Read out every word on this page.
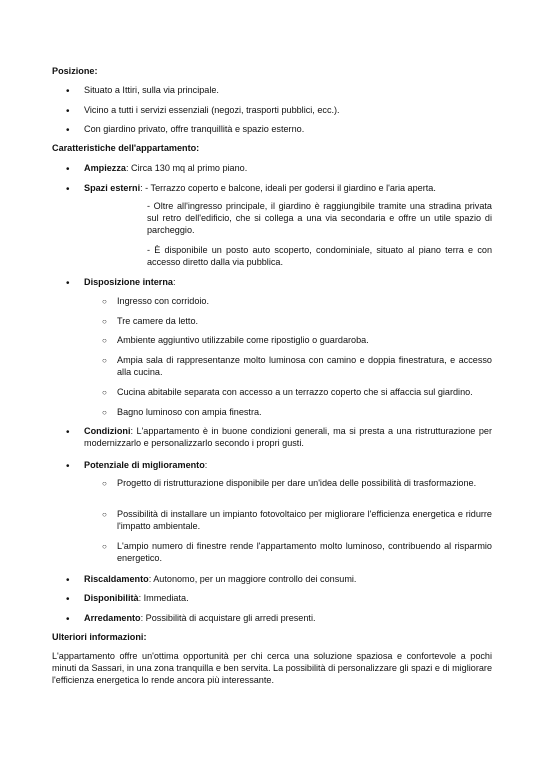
Posizione:

•	Situato a Ittiri, sulla via principale.
•	Vicino a tutti i servizi essenziali (negozi, trasporti pubblici, ecc.).
•	Con giardino privato, offre tranquillità e spazio esterno.

Caratteristiche dell'appartamento:

•	Ampiezza: Circa 130 mq al primo piano.
•	Spazi esterni: - Terrazzo coperto e balcone, ideali per godersi il giardino e l'aria aperta.

- Oltre all'ingresso principale, il giardino è raggiungibile tramite una stradina privata sul retro dell'edificio, che si collega a una via secondaria e offre un utile spazio di parcheggio.

- È disponibile un posto auto scoperto, condominiale, situato al piano terra e con accesso diretto dalla via pubblica.

•	Disposizione interna:
○	Ingresso con corridoio.
○	Tre camere da letto.
○	Ambiente aggiuntivo utilizzabile come ripostiglio o guardaroba.
○	Ampia sala di rappresentanze molto luminosa con camino e doppia finestratura, e accesso alla cucina.
○	Cucina abitabile separata con accesso a un terrazzo coperto che si affaccia sul giardino.
○	Bagno luminoso con ampia finestra.
•	Condizioni: L'appartamento è in buone condizioni generali, ma si presta a una ristrutturazione per modernizzarlo e personalizzarlo secondo i propri gusti.
•	Potenziale di miglioramento:
○	Progetto di ristrutturazione disponibile per dare un'idea delle possibilità di trasformazione.
○	Possibilità di installare un impianto fotovoltaico per migliorare l'efficienza energetica e ridurre l'impatto ambientale.
○	L'ampio numero di finestre rende l'appartamento molto luminoso, contribuendo al risparmio energetico.
•	Riscaldamento: Autonomo, per un maggiore controllo dei consumi.
•	Disponibilità: Immediata.
•	Arredamento: Possibilità di acquistare gli arredi presenti.

Ulteriori informazioni:

L'appartamento offre un'ottima opportunità per chi cerca una soluzione spaziosa e confortevole a pochi minuti da Sassari, in una zona tranquilla e ben servita. La possibilità di personalizzare gli spazi e di migliorare l'efficienza energetica lo rende ancora più interessante.
